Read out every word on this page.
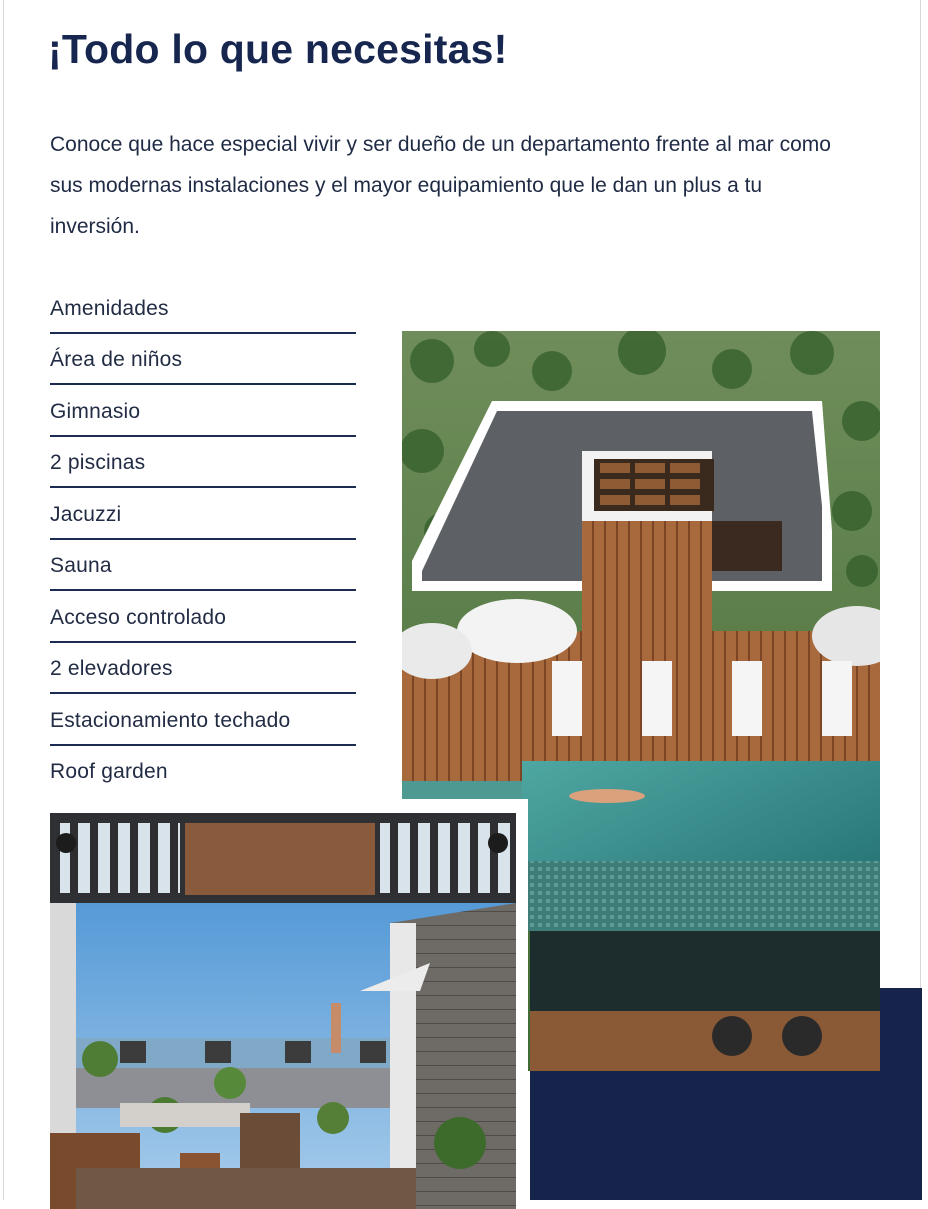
¡Todo lo que necesitas!

Conoce que hace especial vivir y ser dueño de un departamento frente al mar como sus modernas instalaciones y el mayor equipamiento que le dan un plus a tu inversión.

Amenidades
Área de niños
Gimnasio
2 piscinas
Jacuzzi
Sauna
Acceso controlado
2 elevadores
Estacionamiento techado
Roof garden
